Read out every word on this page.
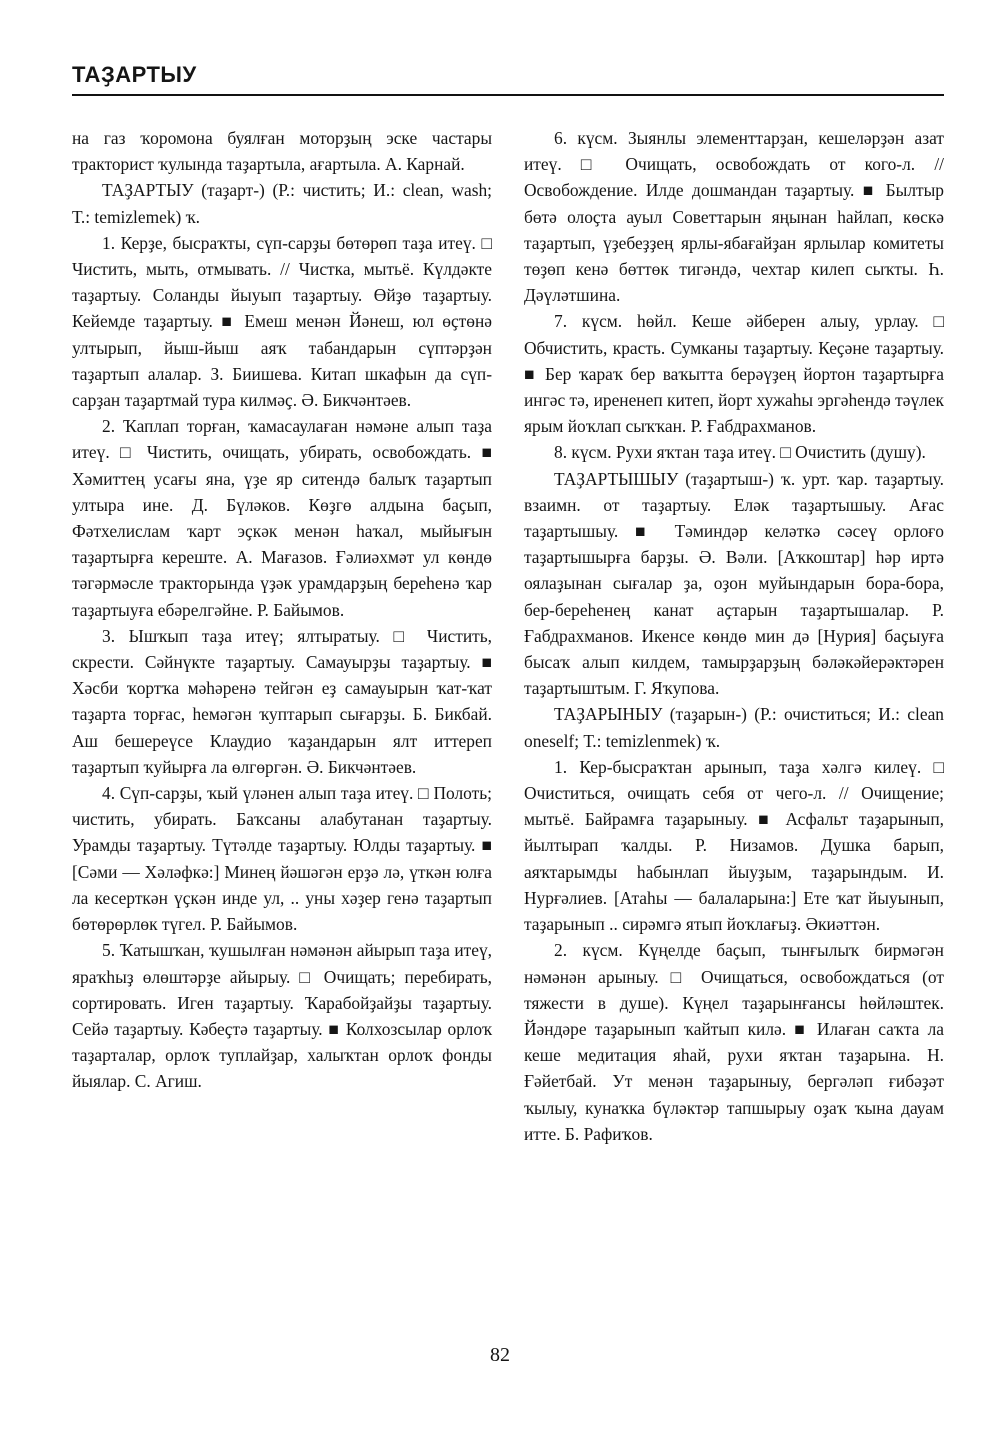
ТАҘАРТЫУ

на газ ҡоромона буялған моторҙың эске частары тракторист ҡулында таҙартыла, ағартыла. А. Карнай.

ТАҘАРТЫУ (таҙарт-) (Р.: чистить; И.: clean, wash; Т.: temizlemek) ҡ.

1. Керҙе, бысраҡты, сүп-сарҙы бөтөрөп таҙа итеү. □ Чистить, мыть, отмывать. // Чистка, мытьё. Күлдәкте таҙартыу. Соланды йыуып таҙартыу. Өйҙө таҙартыу. Кейемде таҙартыу. ■ Емеш менән Йәнеш, юл өҫтөнә ултырып, йыш-йыш аяҡ табандарын сүптәрҙән таҙартып алалар. З. Биишева. Китап шкафын да сүп-сарҙан таҙартмай тура килмәҫ. Ә. Бикчәнтәев.

2. Ҡаплап торған, ҡамасаулаған нәмәне алып таҙа итеү. □ Чистить, очищать, убирать, освобождать. ■ Хәмиттең усағы яна, үҙе яр ситендә балыҡ таҙартып ултыра ине. Д. Бүләков. Көҙгө алдына баҫып, Фәтхелислам ҡарт эҫкәк менән һаҡал, мыйығын таҙартырға кереште. А. Мағазов. Ғәлиәхмәт ул көндө тәгәрмәсле тракторында үҙәк урамдарҙың береһенә ҡар таҙартыуға ебәрелгәйне. Р. Байымов.

3. Ышҡып таҙа итеү; ялтыратыу. □ Чистить, скрести. Сәйнүкте таҙартыу. Самауырҙы таҙартыу. ■ Хәсби ҡортҡа мәһәренә тейгән еҙ самауырын ҡат-ҡат таҙарта торғас, һемәгән ҡуптарып сығарҙы. Б. Бикбай. Аш бешереүсе Клаудио ҡаҙандарын ялт иттереп таҙартып ҡуйырға ла өлгөргән. Ә. Бикчәнтәев.

4. Сүп-сарҙы, ҡый үләнен алып таҙа итеү. □ Полоть; чистить, убирать. Баҡсаны алабутанан таҙартыу. Урамды таҙартыу. Түтәлде таҙартыу. Юлды таҙартыу. ■ [Сәми — Хәләфкә:] Минең йәшәгән ерҙә лә, үткән юлға ла кесерткән үҫкән инде ул, .. уны хәҙер генә таҙартып бөтөрөрлөк түгел. Р. Байымов.

5. Ҡатышҡан, ҡушылған нәмәнән айырып таҙа итеү, яраҡһыҙ өлөштәрҙе айырыу. □ Очищать; перебирать, сортировать. Иген таҙартыу. Ҡарабойҙайҙы таҙартыу. Сейә таҙартыу. Кәбеҫтә таҙартыу. ■ Колхозсылар орлоҡ таҙарталар, орлоҡ туплайҙар, халыҡтан орлоҡ фонды йыялар. С. Агиш.

6. күсм. Зыянлы элементтарҙан, кешеләрҙән азат итеү. □ Очищать, освобождать от кого-л. // Освобождение. Илде дошмандан таҙартыу. ■ Былтыр бөтә олоҫта ауыл Советтарын яңынан һайлап, көскә таҙартып, үҙебеҙҙең ярлы-ябағайҙан ярлылар комитеты төҙөп кенә бөттөк тигәндә, чехтар килеп сыҡты. Һ. Дәүләтшина.

7. күсм. һөйл. Кеше әйберен алыу, урлау. □ Обчистить, красть. Сумканы таҙартыу. Кеҫәне таҙартыу. ■ Бер ҡараҡ бер ваҡытта берәүҙең йортон таҙартырға ингәс тә, ирененеп китеп, йорт хужаһы эргәһендә тәүлек ярым йоҡлап сыҡҡан. Р. Ғабдрахманов.

8. күсм. Рухи яҡтан таҙа итеү. □ Очистить (душу).

ТАҘАРТЫШЫУ (таҙартыш-) ҡ. урт. ҡар. таҙартыу. взаимн. от таҙартыу. Еләк таҙартышыу. Ағас таҙартышыу. ■ Тәминдәр келәткә сәсеү орлоғо таҙартышырға барҙы. Ә. Вәли. [Аҡкоштар] һәр иртә оялаҙынан сығалар ҙа, оҙон муйындарын бора-бора, бер-береһенең канат аҫтарын таҙартышалар. Р. Ғабдрахманов. Икенсе көндө мин дә [Нурия] баҫыуға бысаҡ алып килдем, тамырҙарҙың бәләкәйерәктәрен таҙартыштым. Г. Яҡупова.

ТАҘАРЫНЫУ (таҙарын-) (Р.: очиститься; И.: clean oneself; Т.: temizlenmek) ҡ.

1. Кер-бысраҡтан арынып, таҙа хәлгә килеү. □ Очиститься, очищать себя от чего-л. // Очищение; мытьё. Байрамға таҙарыныу. ■ Асфальт таҙарынып, йылтырап ҡалды. Р. Низамов. Душка барып, аяҡтарымды һабынлап йыуҙым, таҙарындым. И. Нурғәлиев. [Атаһы — балаларына:] Ете ҡат йыуынып, таҙарынып .. сирәмгә ятып йоҡлағыҙ. Әкиәттән.

2. күсм. Күңелде баҫып, тынғылыҡ бирмәгән нәмәнән арыныу. □ Очищаться, освобождаться (от тяжести в душе). Күңел таҙарынғансы һөйләштек. Йәндәре таҙарынып ҡайтып килә. ■ Илаған саҡта ла кеше медитация яһай, рухи яҡтан таҙарына. Н. Ғәйетбай. Ут менән таҙарыныу, бергәләп ғибәҙәт ҡылыу, кунаҡка бүләктәр тапшырыу оҙаҡ ҡына дауам итте. Б. Рафиҡов.

82
